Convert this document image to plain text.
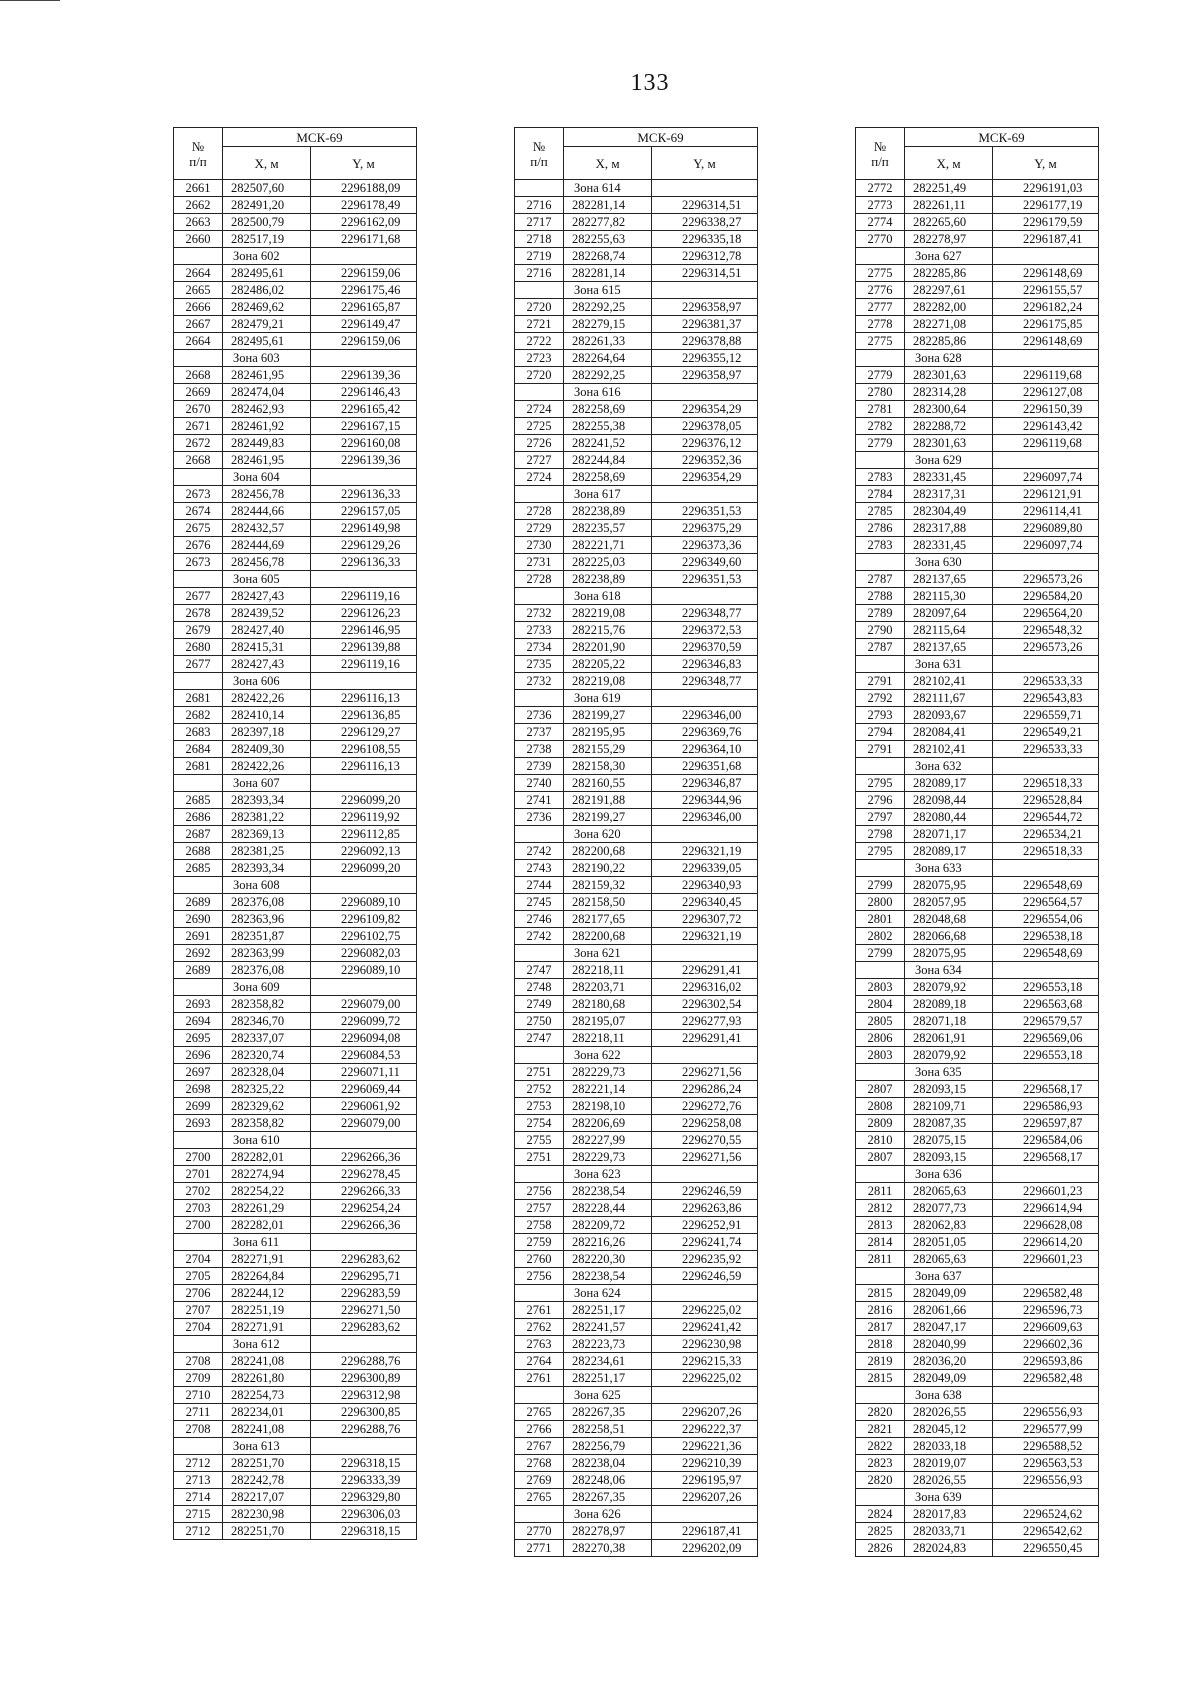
133
№
п/п	МСК-69	
	X, м	Y, м
2661	282507,60	2296188,09
2662	282491,20	2296178,49
2663	282500,79	2296162,09
2660	282517,19	2296171,68
	Зона 602	
2664	282495,61	2296159,06
2665	282486,02	2296175,46
2666	282469,62	2296165,87
2667	282479,21	2296149,47
2664	282495,61	2296159,06
	Зона 603	
2668	282461,95	2296139,36
2669	282474,04	2296146,43
2670	282462,93	2296165,42
2671	282461,92	2296167,15
2672	282449,83	2296160,08
2668	282461,95	2296139,36
	Зона 604	
2673	282456,78	2296136,33
2674	282444,66	2296157,05
2675	282432,57	2296149,98
2676	282444,69	2296129,26
2673	282456,78	2296136,33
	Зона 605	
2677	282427,43	2296119,16
2678	282439,52	2296126,23
2679	282427,40	2296146,95
2680	282415,31	2296139,88
2677	282427,43	2296119,16
	Зона 606	
2681	282422,26	2296116,13
2682	282410,14	2296136,85
2683	282397,18	2296129,27
2684	282409,30	2296108,55
2681	282422,26	2296116,13
	Зона 607	
2685	282393,34	2296099,20
2686	282381,22	2296119,92
2687	282369,13	2296112,85
2688	282381,25	2296092,13
2685	282393,34	2296099,20
	Зона 608	
2689	282376,08	2296089,10
2690	282363,96	2296109,82
2691	282351,87	2296102,75
2692	282363,99	2296082,03
2689	282376,08	2296089,10
	Зона 609	
2693	282358,82	2296079,00
2694	282346,70	2296099,72
2695	282337,07	2296094,08
2696	282320,74	2296084,53
2697	282328,04	2296071,11
2698	282325,22	2296069,44
2699	282329,62	2296061,92
2693	282358,82	2296079,00
	Зона 610	
2700	282282,01	2296266,36
2701	282274,94	2296278,45
2702	282254,22	2296266,33
2703	282261,29	2296254,24
2700	282282,01	2296266,36
	Зона 611	
2704	282271,91	2296283,62
2705	282264,84	2296295,71
2706	282244,12	2296283,59
2707	282251,19	2296271,50
2704	282271,91	2296283,62
	Зона 612	
2708	282241,08	2296288,76
2709	282261,80	2296300,89
2710	282254,73	2296312,98
2711	282234,01	2296300,85
2708	282241,08	2296288,76
	Зона 613	
2712	282251,70	2296318,15
2713	282242,78	2296333,39
2714	282217,07	2296329,80
2715	282230,98	2296306,03
2712	282251,70	2296318,15
№
п/п	МСК-69	
	X, м	Y, м
	Зона 614	
2716	282281,14	2296314,51
2717	282277,82	2296338,27
2718	282255,63	2296335,18
2719	282268,74	2296312,78
2716	282281,14	2296314,51
	Зона 615	
2720	282292,25	2296358,97
2721	282279,15	2296381,37
2722	282261,33	2296378,88
2723	282264,64	2296355,12
2720	282292,25	2296358,97
	Зона 616	
2724	282258,69	2296354,29
2725	282255,38	2296378,05
2726	282241,52	2296376,12
2727	282244,84	2296352,36
2724	282258,69	2296354,29
	Зона 617	
2728	282238,89	2296351,53
2729	282235,57	2296375,29
2730	282221,71	2296373,36
2731	282225,03	2296349,60
2728	282238,89	2296351,53
	Зона 618	
2732	282219,08	2296348,77
2733	282215,76	2296372,53
2734	282201,90	2296370,59
2735	282205,22	2296346,83
2732	282219,08	2296348,77
	Зона 619	
2736	282199,27	2296346,00
2737	282195,95	2296369,76
2738	282155,29	2296364,10
2739	282158,30	2296351,68
2740	282160,55	2296346,87
2741	282191,88	2296344,96
2736	282199,27	2296346,00
	Зона 620	
2742	282200,68	2296321,19
2743	282190,22	2296339,05
2744	282159,32	2296340,93
2745	282158,50	2296340,45
2746	282177,65	2296307,72
2742	282200,68	2296321,19
	Зона 621	
2747	282218,11	2296291,41
2748	282203,71	2296316,02
2749	282180,68	2296302,54
2750	282195,07	2296277,93
2747	282218,11	2296291,41
	Зона 622	
2751	282229,73	2296271,56
2752	282221,14	2296286,24
2753	282198,10	2296272,76
2754	282206,69	2296258,08
2755	282227,99	2296270,55
2751	282229,73	2296271,56
	Зона 623	
2756	282238,54	2296246,59
2757	282228,44	2296263,86
2758	282209,72	2296252,91
2759	282216,26	2296241,74
2760	282220,30	2296235,92
2756	282238,54	2296246,59
	Зона 624	
2761	282251,17	2296225,02
2762	282241,57	2296241,42
2763	282223,73	2296230,98
2764	282234,61	2296215,33
2761	282251,17	2296225,02
	Зона 625	
2765	282267,35	2296207,26
2766	282258,51	2296222,37
2767	282256,79	2296221,36
2768	282238,04	2296210,39
2769	282248,06	2296195,97
2765	282267,35	2296207,26
	Зона 626	
2770	282278,97	2296187,41
2771	282270,38	2296202,09
№
п/п	МСК-69	
	X, м	Y, м
2772	282251,49	2296191,03
2773	282261,11	2296177,19
2774	282265,60	2296179,59
2770	282278,97	2296187,41
	Зона 627	
2775	282285,86	2296148,69
2776	282297,61	2296155,57
2777	282282,00	2296182,24
2778	282271,08	2296175,85
2775	282285,86	2296148,69
	Зона 628	
2779	282301,63	2296119,68
2780	282314,28	2296127,08
2781	282300,64	2296150,39
2782	282288,72	2296143,42
2779	282301,63	2296119,68
	Зона 629	
2783	282331,45	2296097,74
2784	282317,31	2296121,91
2785	282304,49	2296114,41
2786	282317,88	2296089,80
2783	282331,45	2296097,74
	Зона 630	
2787	282137,65	2296573,26
2788	282115,30	2296584,20
2789	282097,64	2296564,20
2790	282115,64	2296548,32
2787	282137,65	2296573,26
	Зона 631	
2791	282102,41	2296533,33
2792	282111,67	2296543,83
2793	282093,67	2296559,71
2794	282084,41	2296549,21
2791	282102,41	2296533,33
	Зона 632	
2795	282089,17	2296518,33
2796	282098,44	2296528,84
2797	282080,44	2296544,72
2798	282071,17	2296534,21
2795	282089,17	2296518,33
	Зона 633	
2799	282075,95	2296548,69
2800	282057,95	2296564,57
2801	282048,68	2296554,06
2802	282066,68	2296538,18
2799	282075,95	2296548,69
	Зона 634	
2803	282079,92	2296553,18
2804	282089,18	2296563,68
2805	282071,18	2296579,57
2806	282061,91	2296569,06
2803	282079,92	2296553,18
	Зона 635	
2807	282093,15	2296568,17
2808	282109,71	2296586,93
2809	282087,35	2296597,87
2810	282075,15	2296584,06
2807	282093,15	2296568,17
	Зона 636	
2811	282065,63	2296601,23
2812	282077,73	2296614,94
2813	282062,83	2296628,08
2814	282051,05	2296614,20
2811	282065,63	2296601,23
	Зона 637	
2815	282049,09	2296582,48
2816	282061,66	2296596,73
2817	282047,17	2296609,63
2818	282040,99	2296602,36
2819	282036,20	2296593,86
2815	282049,09	2296582,48
	Зона 638	
2820	282026,55	2296556,93
2821	282045,12	2296577,99
2822	282033,18	2296588,52
2823	282019,07	2296563,53
2820	282026,55	2296556,93
	Зона 639	
2824	282017,83	2296524,62
2825	282033,71	2296542,62
2826	282024,83	2296550,45
